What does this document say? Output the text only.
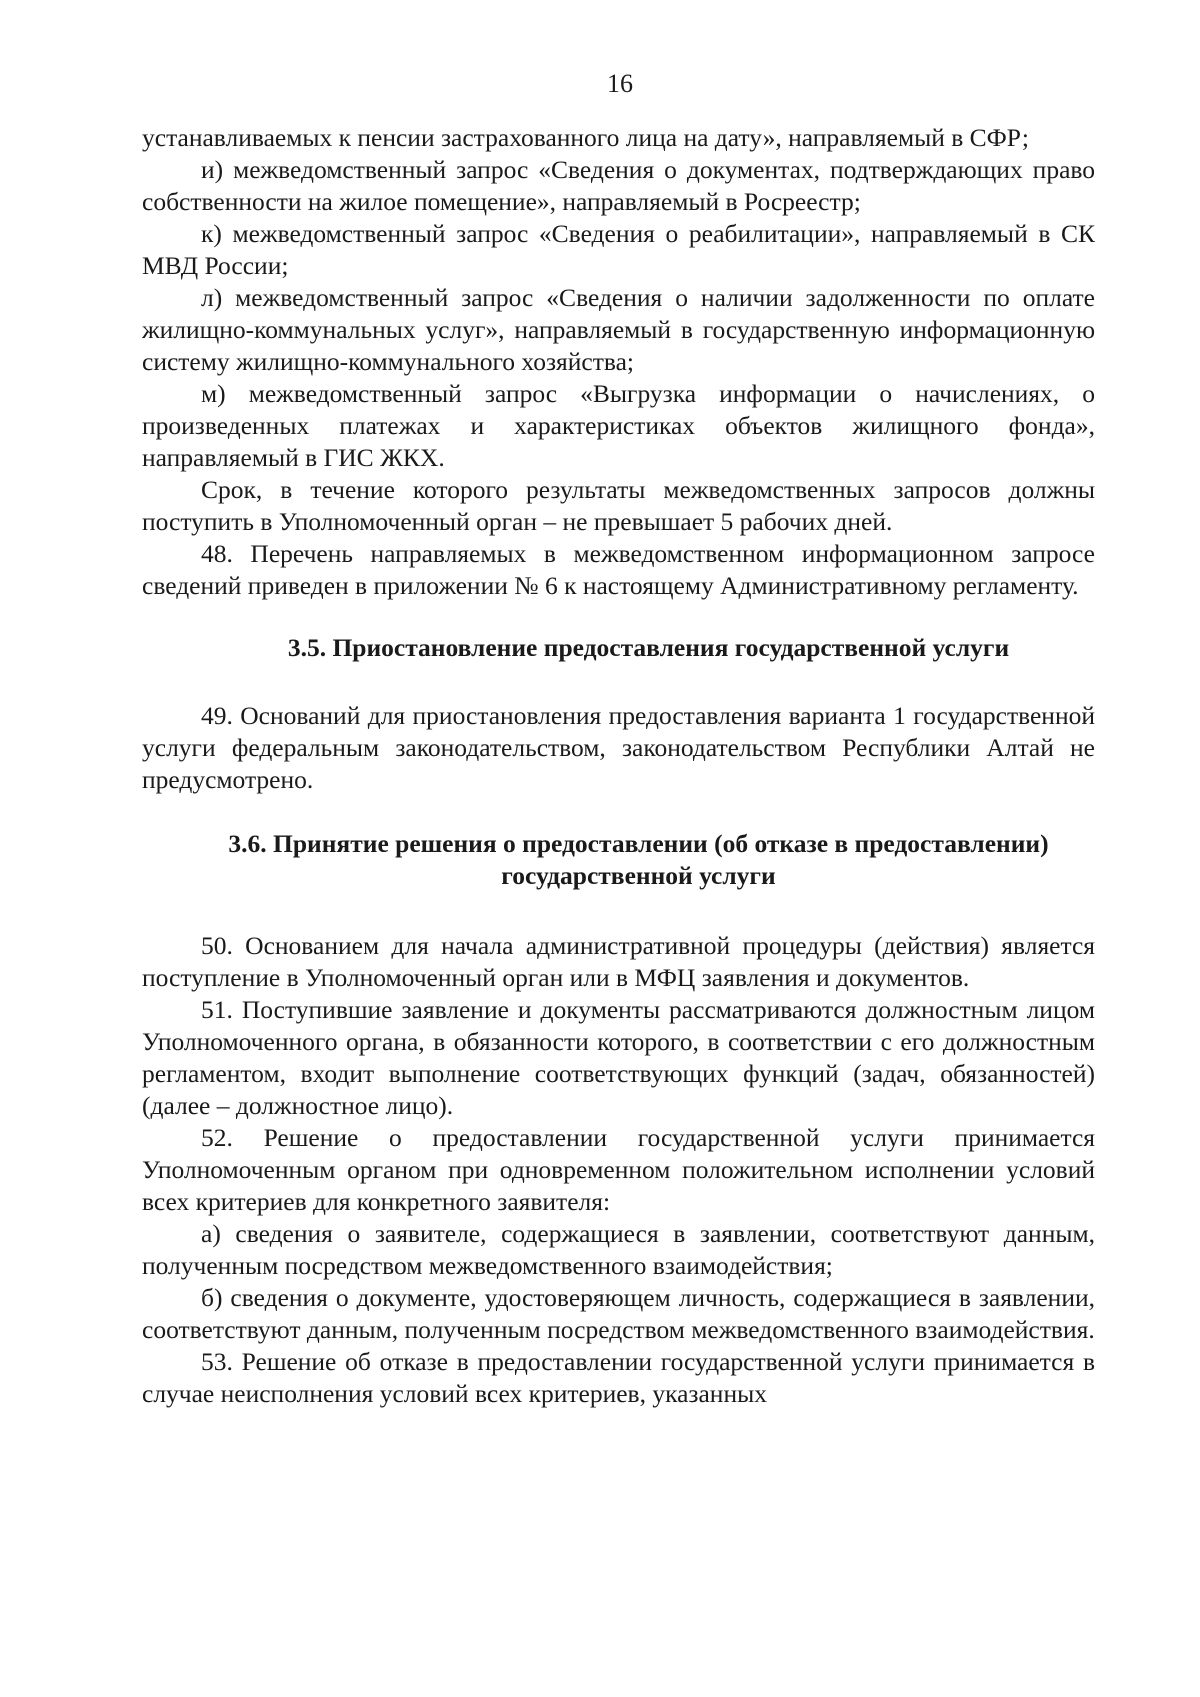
16

устанавливаемых к пенсии застрахованного лица на дату», направляемый в СФР;

и) межведомственный запрос «Сведения о документах, подтверждающих право собственности на жилое помещение», направляемый в Росреестр;

к) межведомственный запрос «Сведения о реабилитации», направляемый в СК МВД России;

л) межведомственный запрос «Сведения о наличии задолженности по оплате жилищно-коммунальных услуг», направляемый в государственную информационную систему жилищно-коммунального хозяйства;

м) межведомственный запрос «Выгрузка информации о начислениях, о произведенных платежах и характеристиках объектов жилищного фонда», направляемый в ГИС ЖКХ.

Срок, в течение которого результаты межведомственных запросов должны поступить в Уполномоченный орган – не превышает 5 рабочих дней.

48. Перечень направляемых в межведомственном информационном запросе сведений приведен в приложении № 6 к настоящему Административному регламенту.

3.5. Приостановление предоставления государственной услуги

49. Оснований для приостановления предоставления варианта 1 государственной услуги федеральным законодательством, законодательством Республики Алтай не предусмотрено.

3.6. Принятие решения о предоставлении (об отказе в предоставлении) государственной услуги

50. Основанием для начала административной процедуры (действия) является поступление в Уполномоченный орган или в МФЦ заявления и документов.

51. Поступившие заявление и документы рассматриваются должностным лицом Уполномоченного органа, в обязанности которого, в соответствии с его должностным регламентом, входит выполнение соответствующих функций (задач, обязанностей) (далее – должностное лицо).

52. Решение о предоставлении государственной услуги принимается Уполномоченным органом при одновременном положительном исполнении условий всех критериев для конкретного заявителя:

а) сведения о заявителе, содержащиеся в заявлении, соответствуют данным, полученным посредством межведомственного взаимодействия;

б) сведения о документе, удостоверяющем личность, содержащиеся в заявлении, соответствуют данным, полученным посредством межведомственного взаимодействия.

53. Решение об отказе в предоставлении государственной услуги принимается в случае неисполнения условий всех критериев, указанных
